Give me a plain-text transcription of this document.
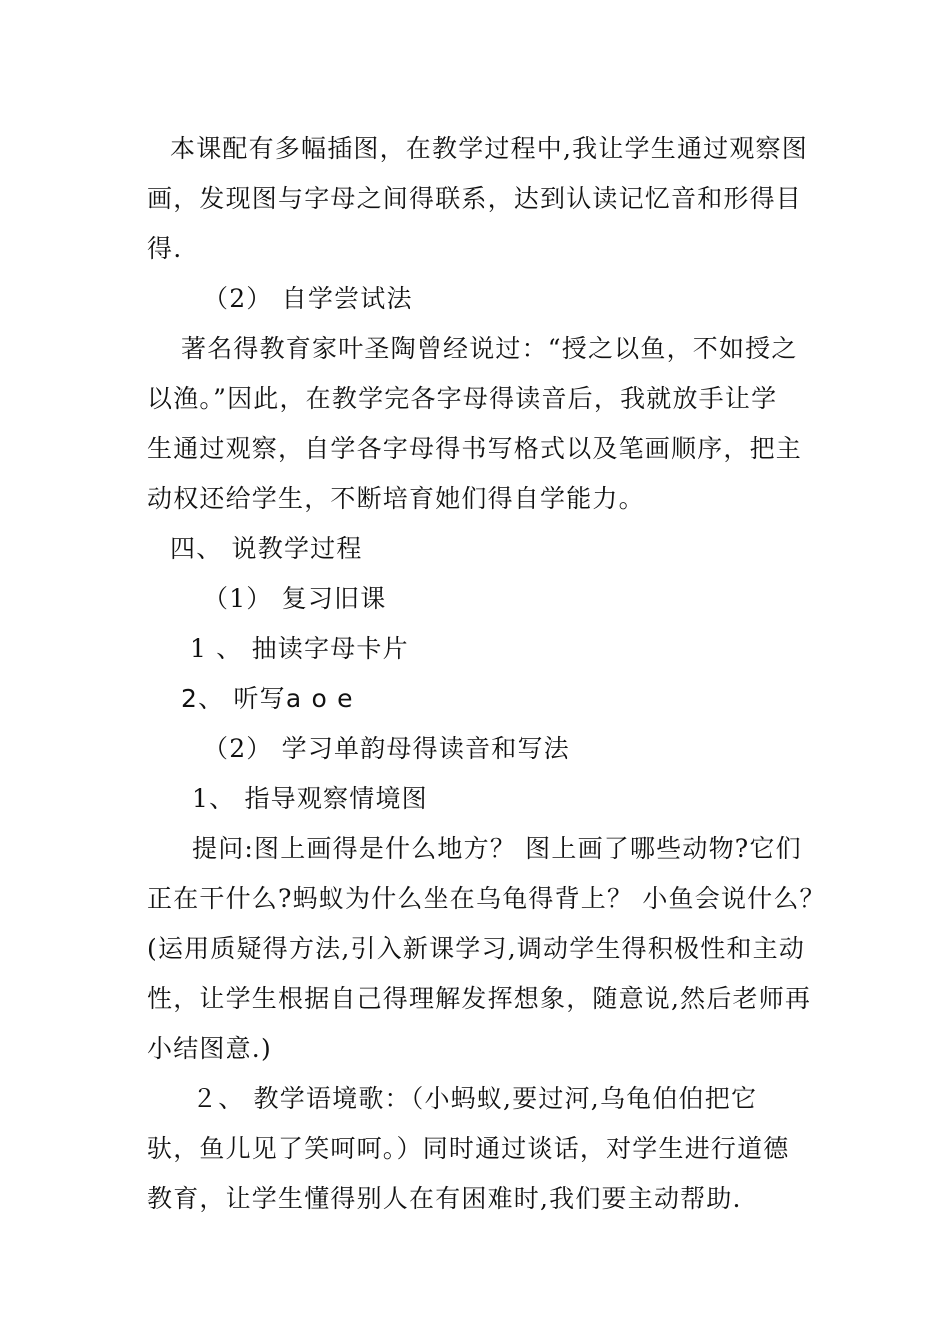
本课配有多幅插图，在教学过程中,我让学生通过观察图
画，发现图与字母之间得联系，达到认读记忆音和形得目
得.
（2） 自学尝试法
著名得教育家叶圣陶曾经说过：“授之以鱼，不如授之
以渔。”因此，在教学完各字母得读音后，我就放手让学
生通过观察，自学各字母得书写格式以及笔画顺序，把主
动权还给学生，不断培育她们得自学能力。
四、 说教学过程
（1） 复习旧课
1 、 抽读字母卡片
2、 听写a o e
（2） 学习单韵母得读音和写法
1、 指导观察情境图
提问:图上画得是什么地方？ 图上画了哪些动物?它们
正在干什么?蚂蚁为什么坐在乌龟得背上？ 小鱼会说什么？
(运用质疑得方法,引入新课学习,调动学生得积极性和主动
性，让学生根据自己得理解发挥想象，随意说,然后老师再
小结图意.)
２、 教学语境歌：（小蚂蚁,要过河,乌龟伯伯把它
驮，鱼儿见了笑呵呵。）同时通过谈话，对学生进行道德
教育，让学生懂得别人在有困难时,我们要主动帮助.
